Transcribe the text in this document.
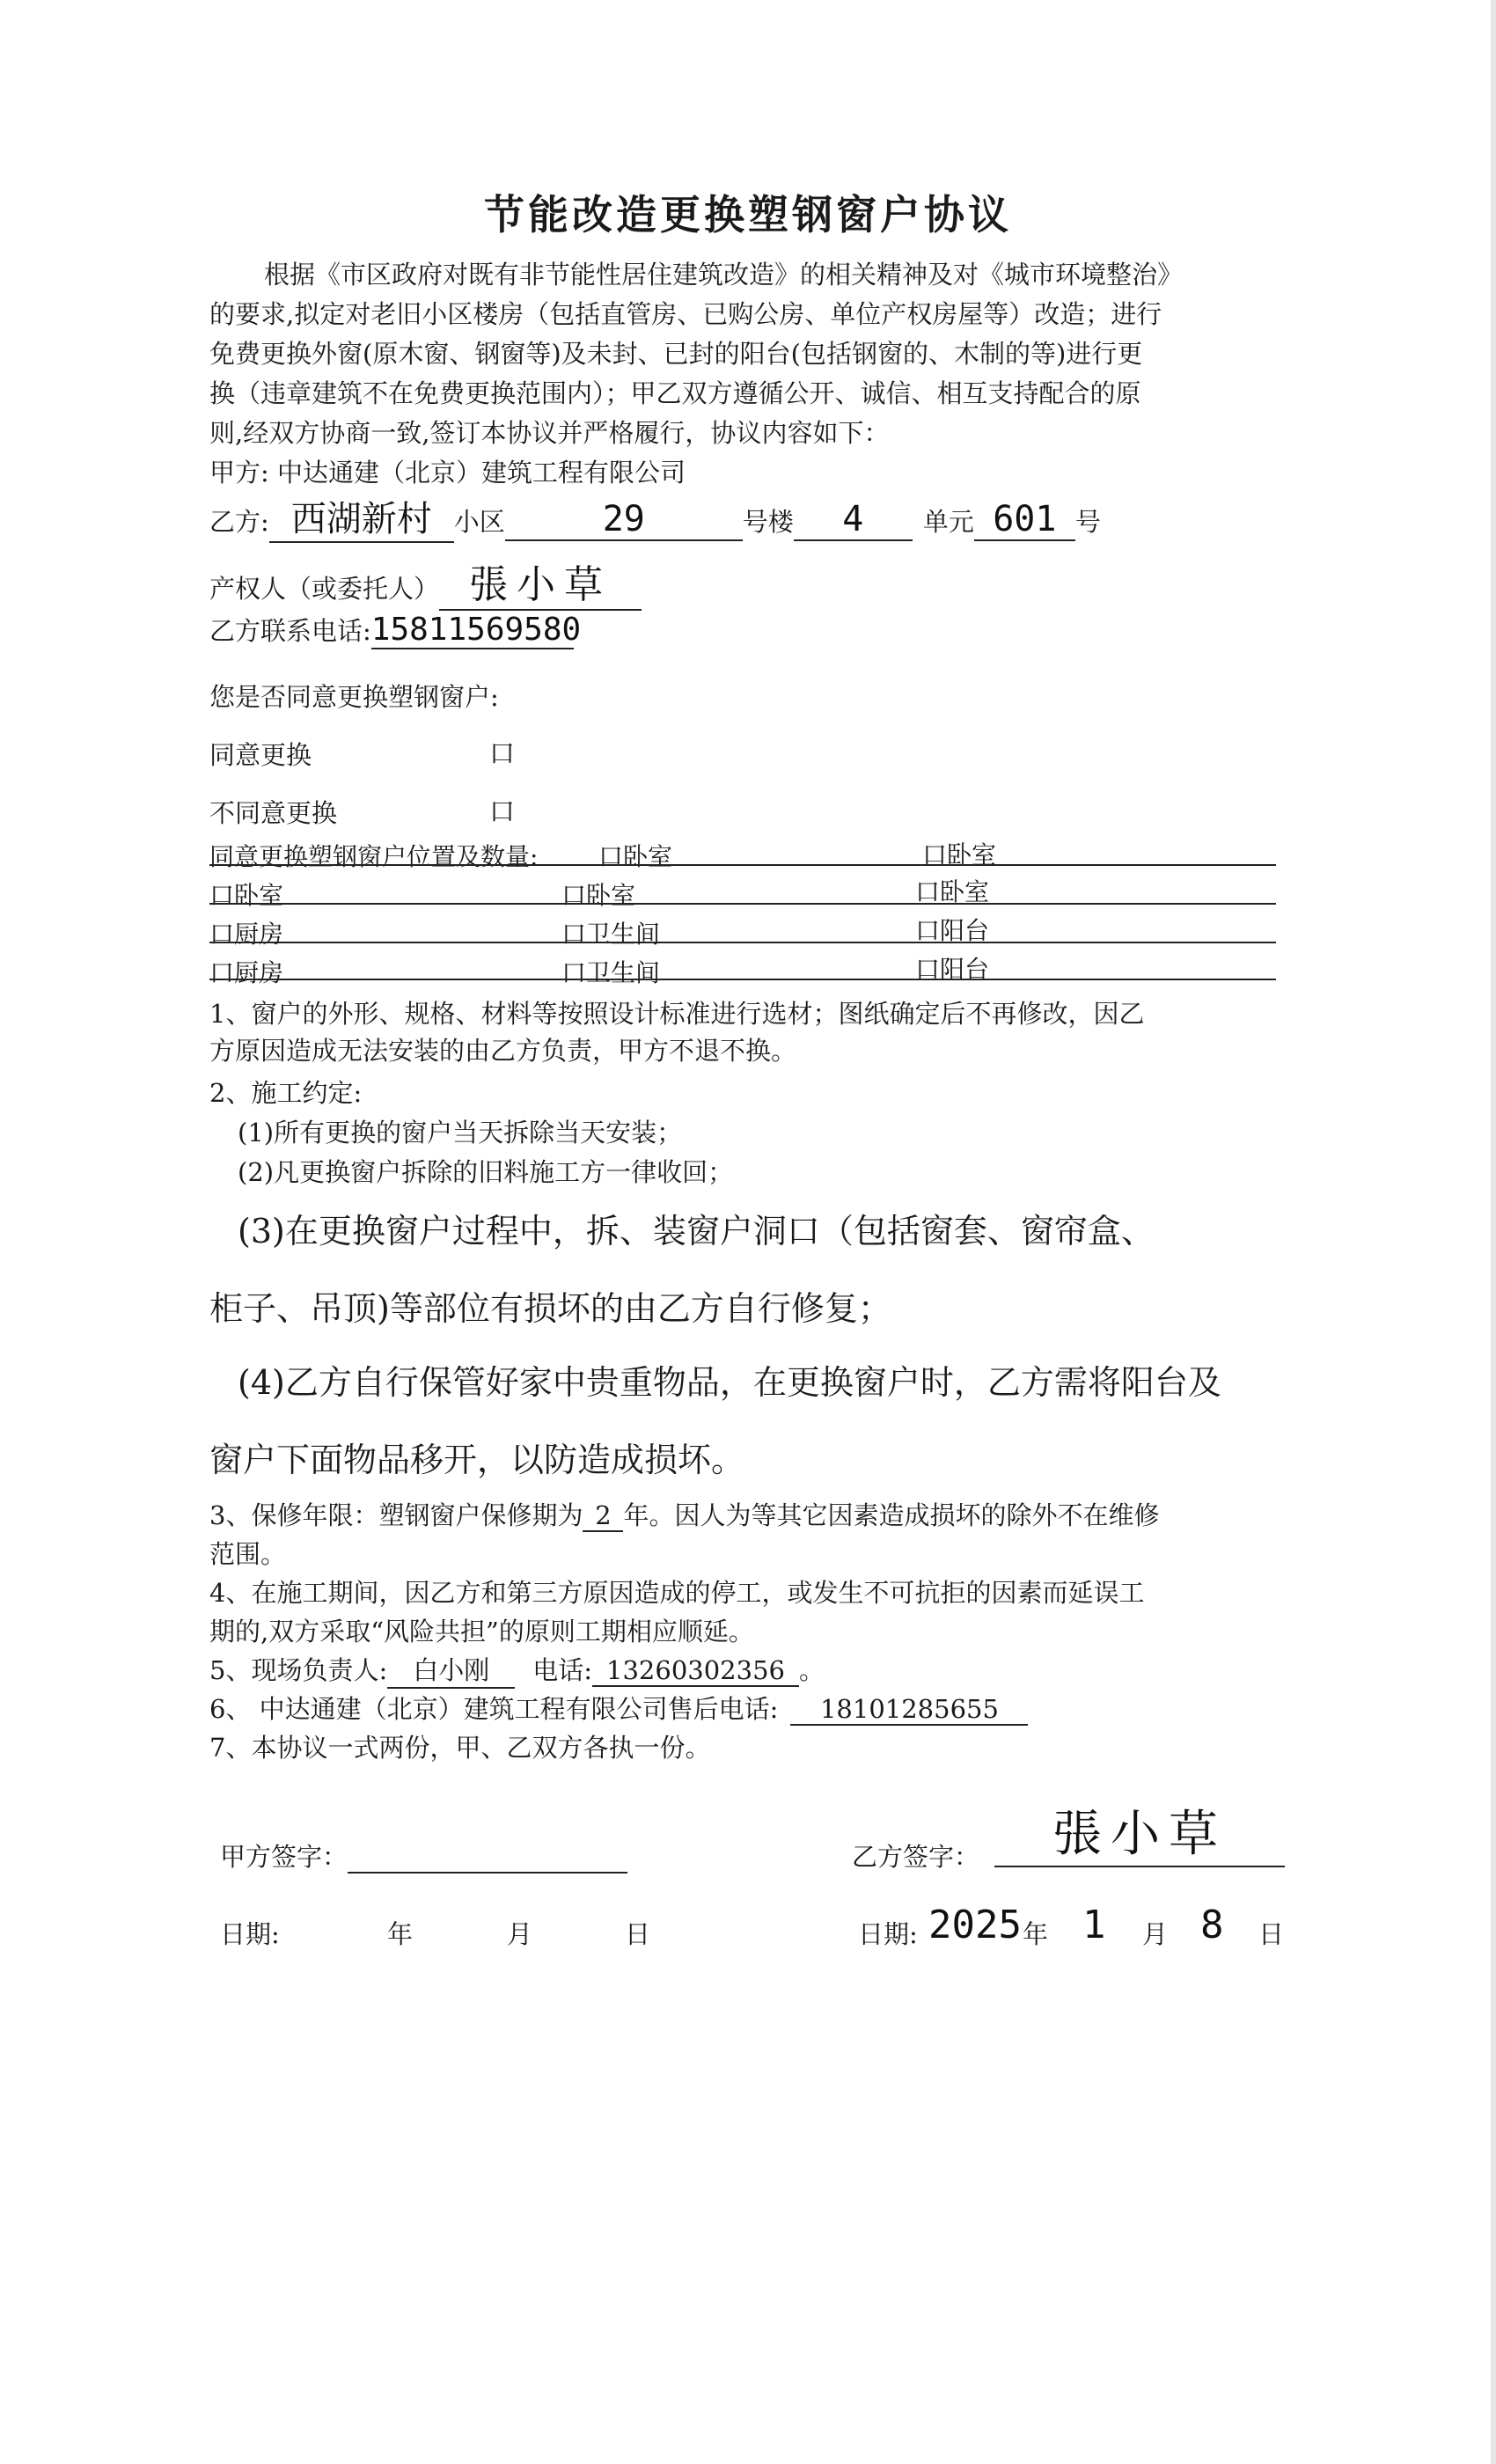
节能改造更换塑钢窗户协议
根据《市区政府对既有非节能性居住建筑改造》的相关精神及对《城市环境整治》
的要求,拟定对老旧小区楼房（包括直管房、已购公房、单位产权房屋等）改造；进行
免费更换外窗(原木窗、钢窗等)及未封、已封的阳台(包括钢窗的、木制的等)进行更
换（违章建筑不在免费更换范围内）；甲乙双方遵循公开、诚信、相互支持配合的原
则,经双方协商一致,签订本协议并严格履行，协议内容如下：
甲方: 中达通建（北京）建筑工程有限公司
乙方: 西湖新村 小区	29	号楼 4 单元 601 号
产权人（或委托人） 張小草
乙方联系电话:15811569580
您是否同意更换塑钢窗户:
同意更换	口
不同意更换	口
同意更换塑钢窗户位置及数量: 口卧室	口卧室
口卧室	口卧室	口卧室
口厨房	口卫生间	口阳台
口厨房	口卫生间	口阳台
1、窗户的外形、规格、材料等按照设计标准进行选材；图纸确定后不再修改，因乙
方原因造成无法安装的由乙方负责，甲方不退不换。
2、施工约定:
(1)所有更换的窗户当天拆除当天安装；
(2)凡更换窗户拆除的旧料施工方一律收回；
(3)在更换窗户过程中，拆、装窗户洞口（包括窗套、窗帘盒、
柜子、吊顶)等部位有损坏的由乙方自行修复；
(4)乙方自行保管好家中贵重物品，在更换窗户时，乙方需将阳台及
窗户下面物品移开，以防造成损坏。
3、保修年限：塑钢窗户保修期为 2 年。因人为等其它因素造成损坏的除外不在维修
范围。
4、在施工期间，因乙方和第三方原因造成的停工，或发生不可抗拒的因素而延误工
期的,双方采取“风险共担”的原则工期相应顺延。
5、现场负责人: 白小刚 电话: 13260302356 。
6、 中达通建（北京）建筑工程有限公司售后电话: 18101285655
7、本协议一式两份，甲、乙双方各执一份。
甲方签字：	乙方签字：	張小草
日期:	年	月	日	日期: 2025 年 1 月 8 日
